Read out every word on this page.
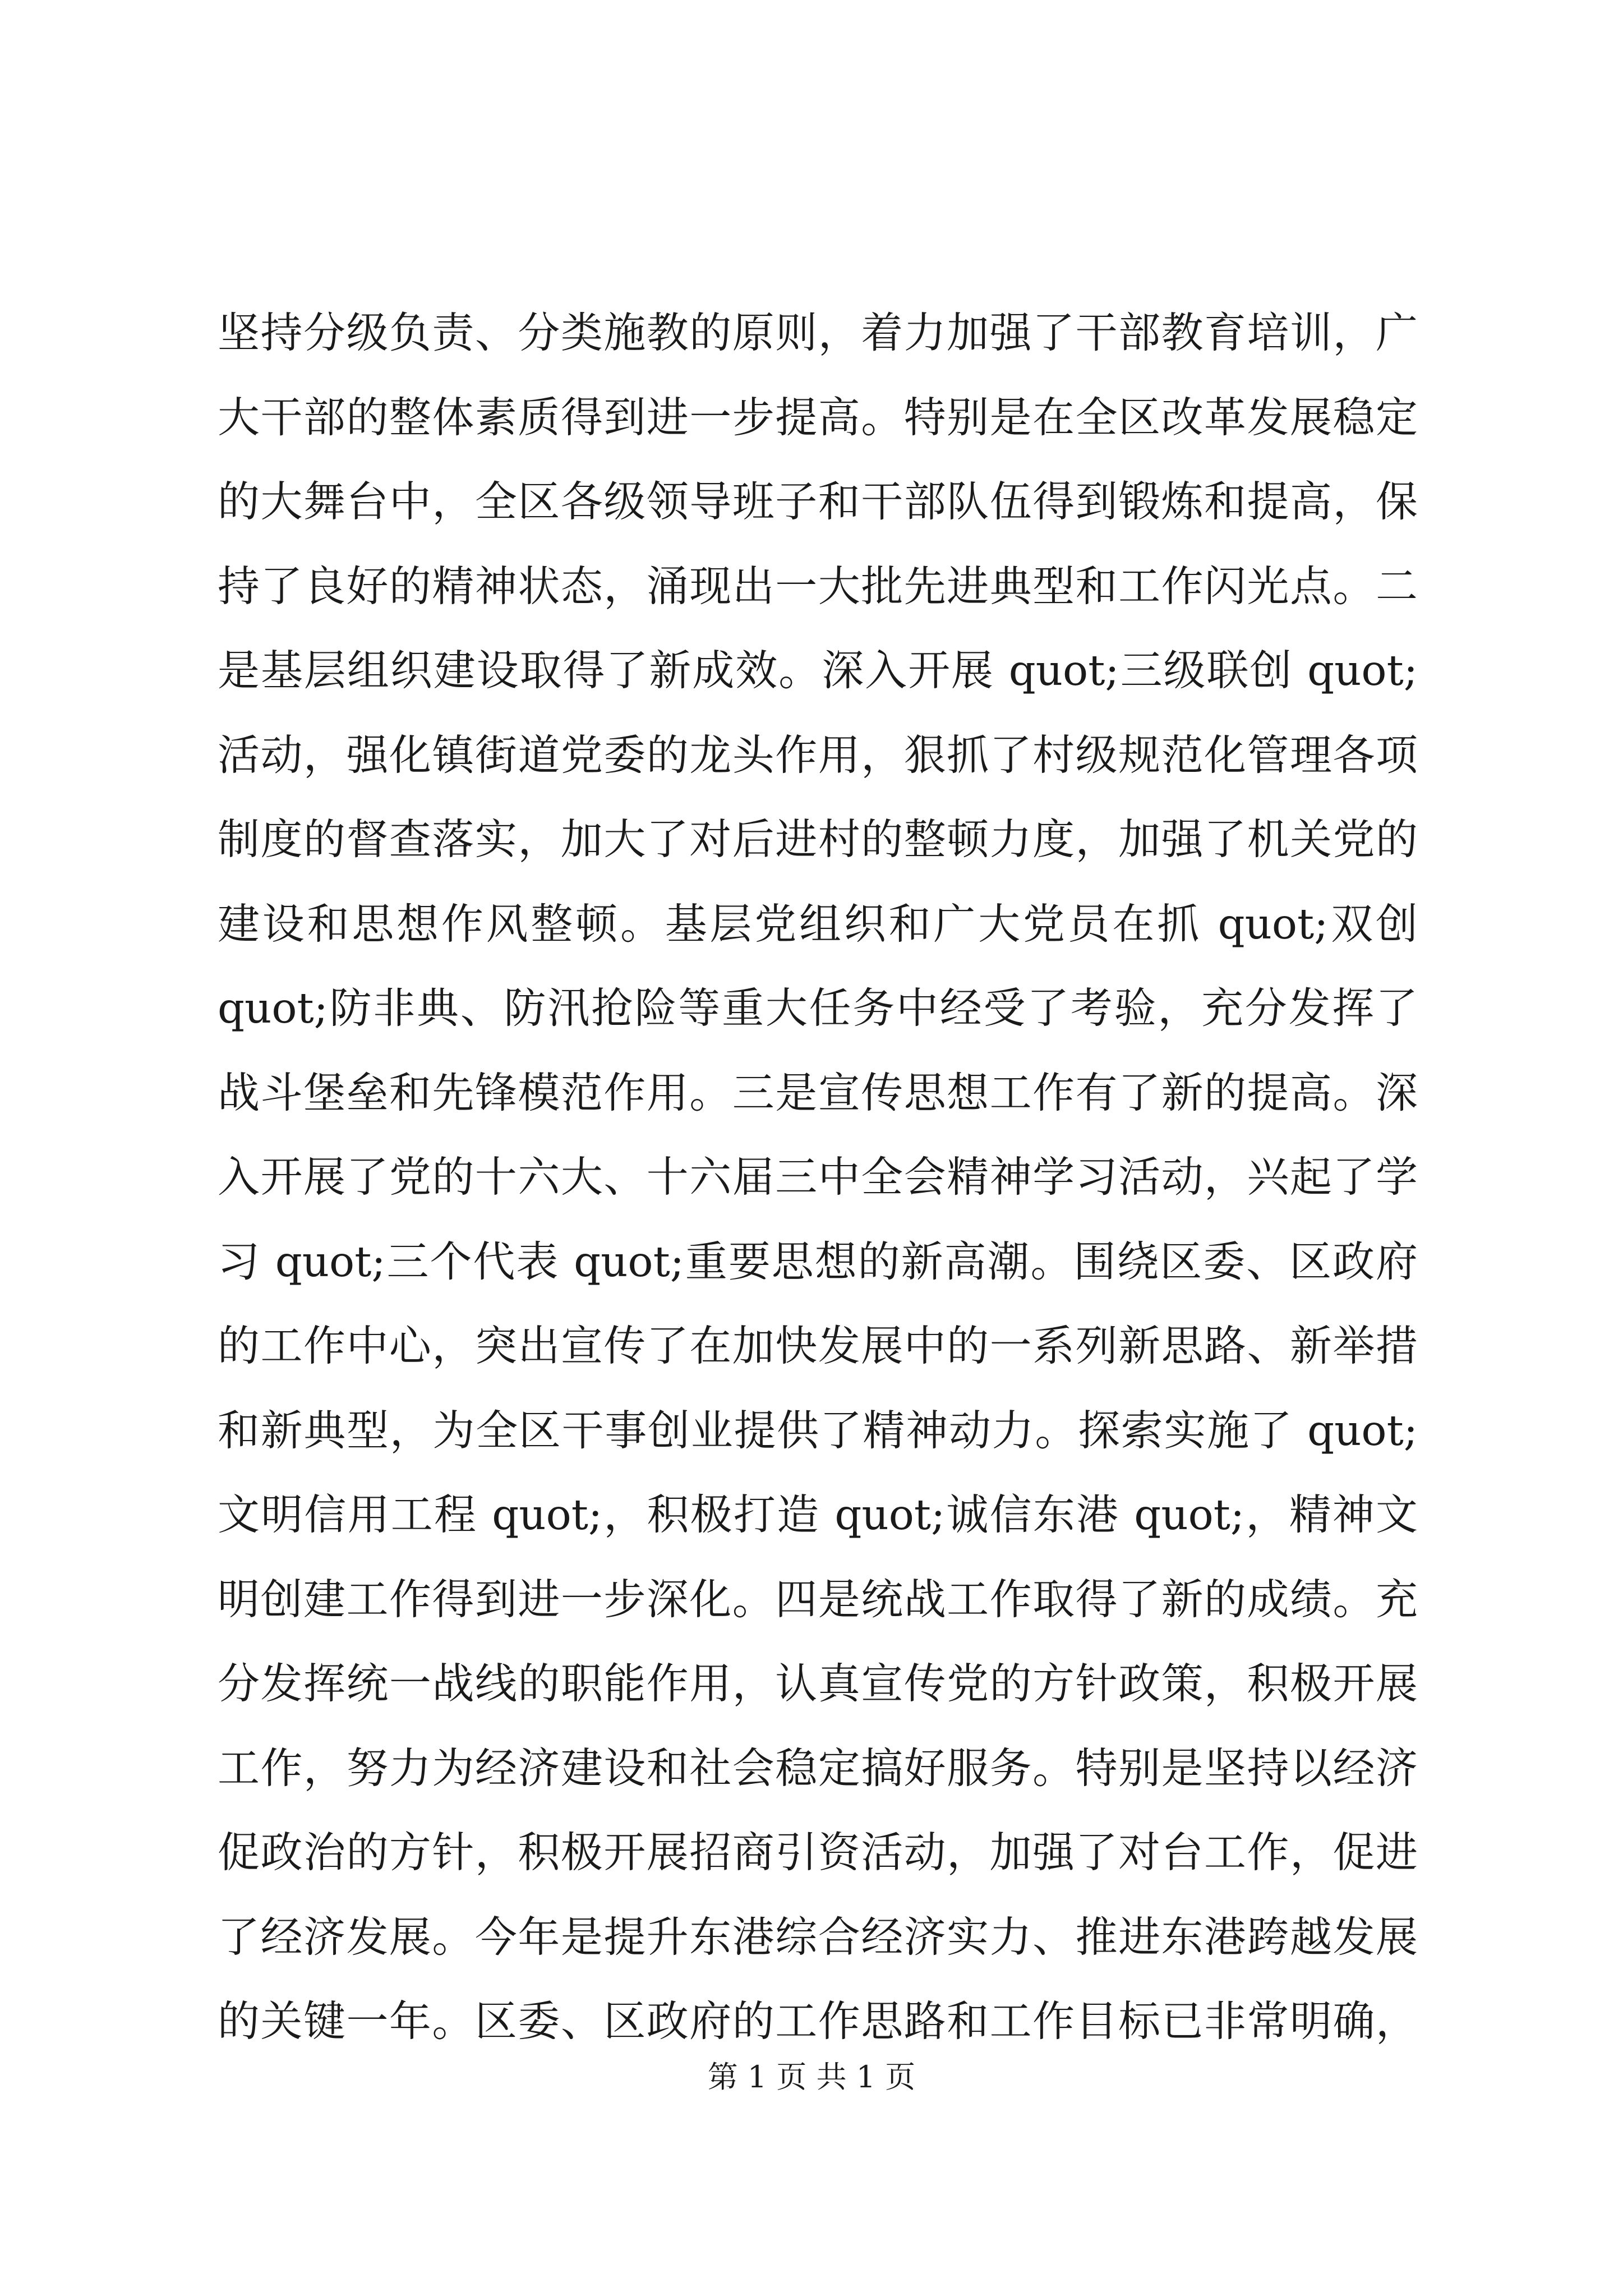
坚持分级负责、分类施教的原则，着力加强了干部教育培训，广
大干部的整体素质得到进一步提高。特别是在全区改革发展稳定
的大舞台中，全区各级领导班子和干部队伍得到锻炼和提高，保
持了良好的精神状态，涌现出一大批先进典型和工作闪光点。二
是基层组织建设取得了新成效。深入开展 quot;三级联创 quot;
活动，强化镇街道党委的龙头作用，狠抓了村级规范化管理各项
制度的督查落实，加大了对后进村的整顿力度，加强了机关党的
建设和思想作风整顿。基层党组织和广大党员在抓 quot;双创
quot;防非典、防汛抢险等重大任务中经受了考验，充分发挥了
战斗堡垒和先锋模范作用。三是宣传思想工作有了新的提高。深
入开展了党的十六大、十六届三中全会精神学习活动，兴起了学
习 quot;三个代表 quot;重要思想的新高潮。围绕区委、区政府
的工作中心，突出宣传了在加快发展中的一系列新思路、新举措
和新典型，为全区干事创业提供了精神动力。探索实施了 quot;
文明信用工程 quot;，积极打造 quot;诚信东港 quot;，精神文
明创建工作得到进一步深化。四是统战工作取得了新的成绩。充
分发挥统一战线的职能作用，认真宣传党的方针政策，积极开展
工作，努力为经济建设和社会稳定搞好服务。特别是坚持以经济
促政治的方针，积极开展招商引资活动，加强了对台工作，促进
了经济发展。今年是提升东港综合经济实力、推进东港跨越发展
的关键一年。区委、区政府的工作思路和工作目标已非常明确，
第 1 页 共 1 页
